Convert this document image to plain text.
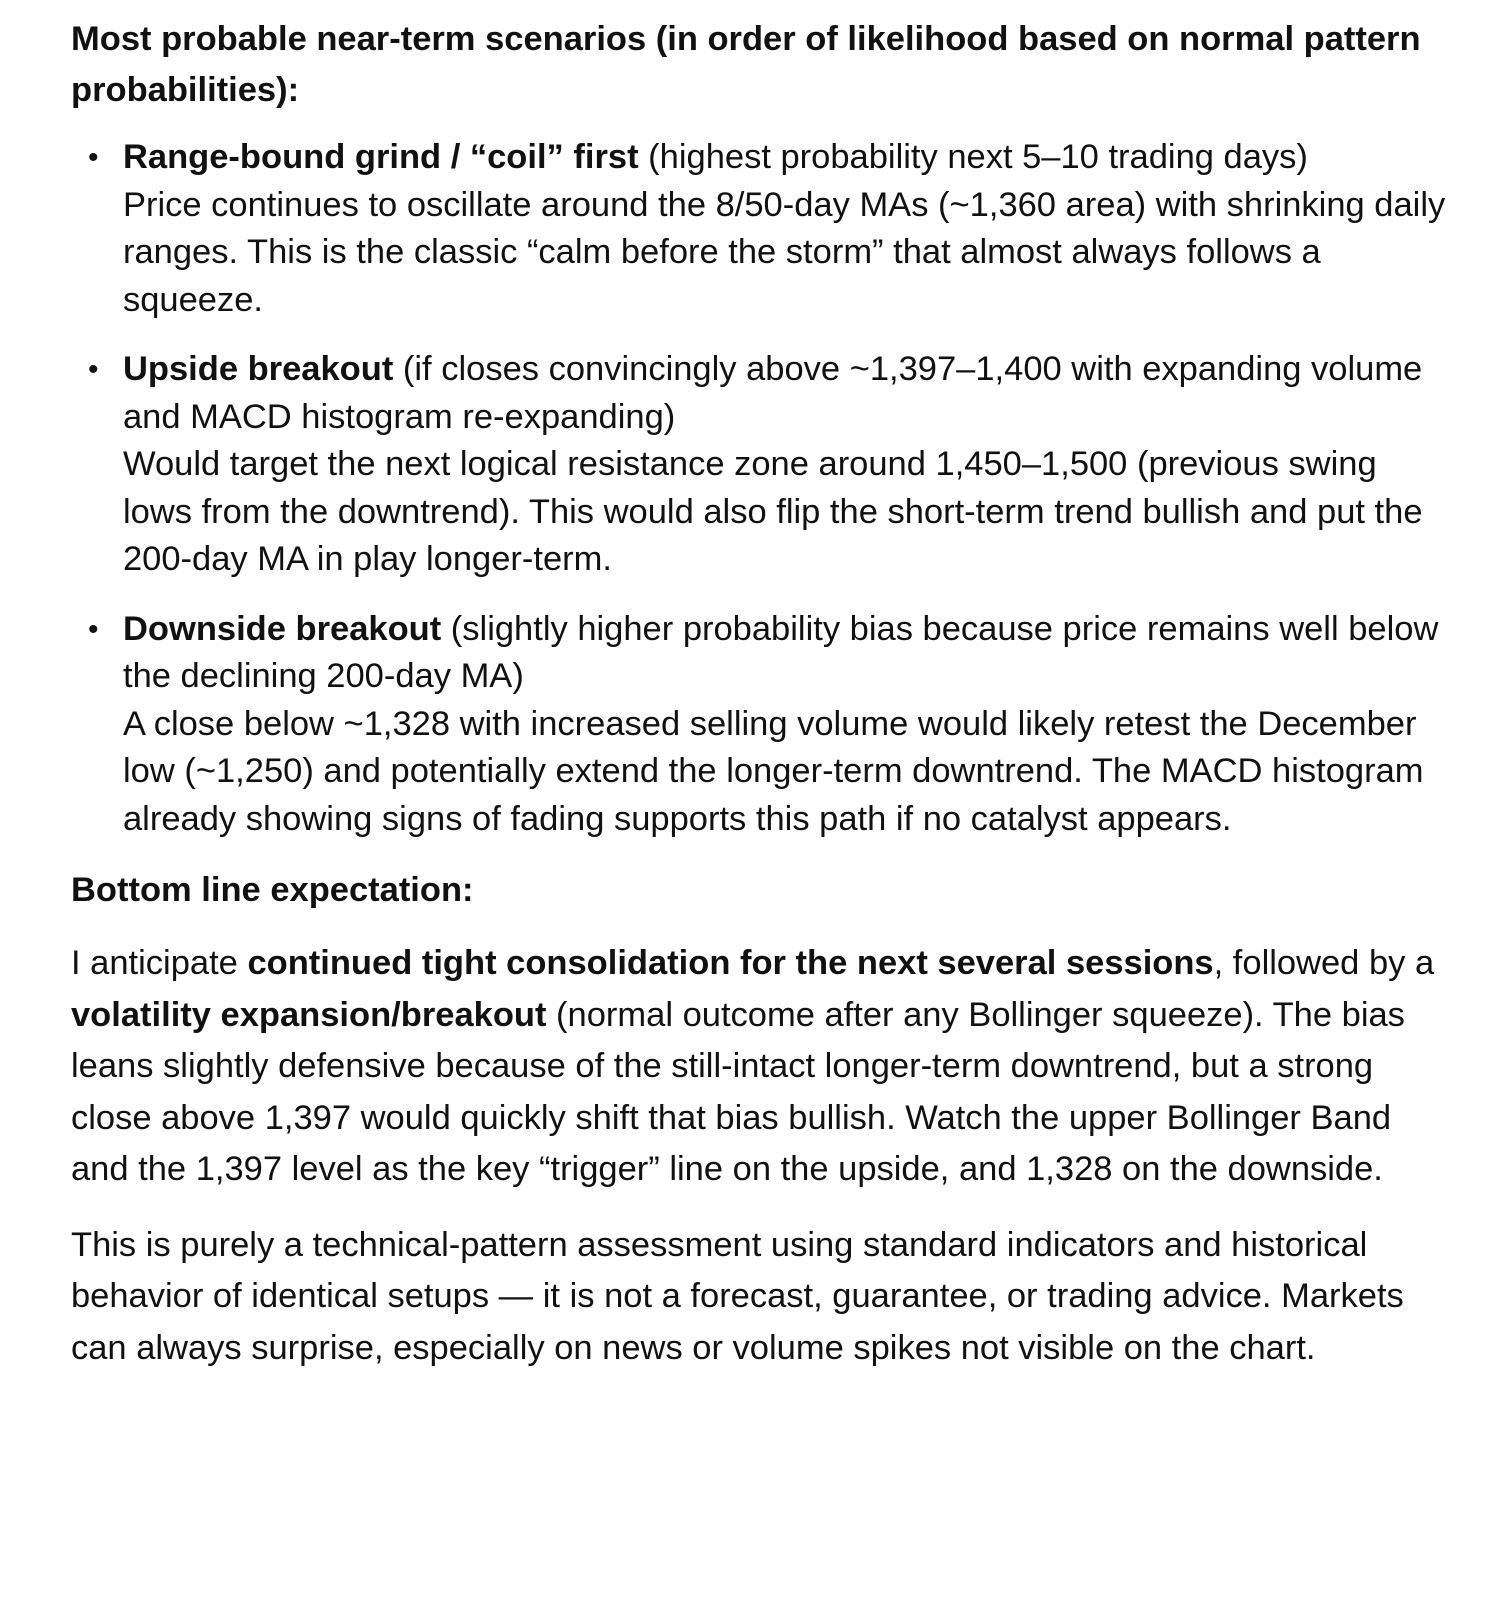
Most probable near-term scenarios (in order of likelihood based on normal pattern probabilities):

• Range-bound grind / “coil” first (highest probability next 5–10 trading days)
Price continues to oscillate around the 8/50-day MAs (~1,360 area) with shrinking daily ranges. This is the classic “calm before the storm” that almost always follows a squeeze.
• Upside breakout (if closes convincingly above ~1,397–1,400 with expanding volume and MACD histogram re-expanding)
Would target the next logical resistance zone around 1,450–1,500 (previous swing lows from the downtrend). This would also flip the short-term trend bullish and put the 200-day MA in play longer-term.
• Downside breakout (slightly higher probability bias because price remains well below the declining 200-day MA)
A close below ~1,328 with increased selling volume would likely retest the December low (~1,250) and potentially extend the longer-term downtrend. The MACD histogram already showing signs of fading supports this path if no catalyst appears.

Bottom line expectation:

I anticipate continued tight consolidation for the next several sessions, followed by a volatility expansion/breakout (normal outcome after any Bollinger squeeze). The bias leans slightly defensive because of the still-intact longer-term downtrend, but a strong close above 1,397 would quickly shift that bias bullish. Watch the upper Bollinger Band and the 1,397 level as the key “trigger” line on the upside, and 1,328 on the downside.

This is purely a technical-pattern assessment using standard indicators and historical behavior of identical setups — it is not a forecast, guarantee, or trading advice. Markets can always surprise, especially on news or volume spikes not visible on the chart.
